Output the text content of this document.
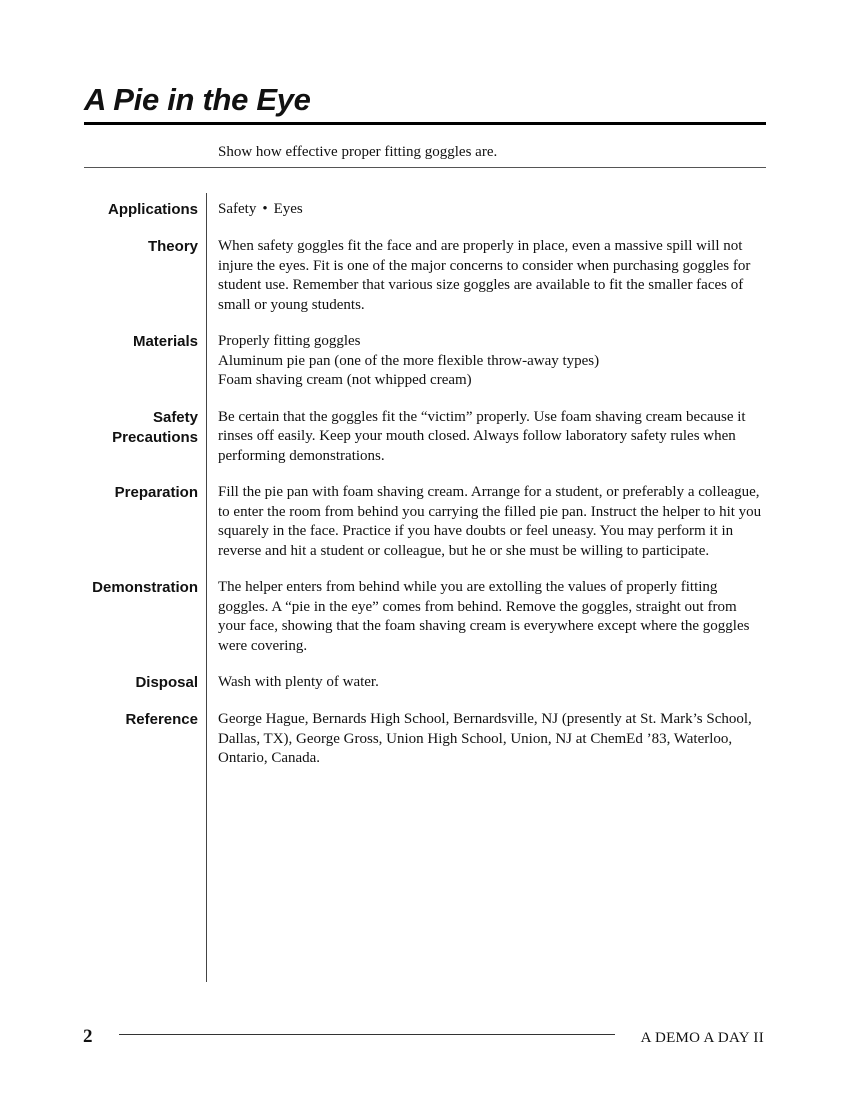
A Pie in the Eye
Show how effective proper fitting goggles are.
Applications Safety • Eyes
Theory When safety goggles fit the face and are properly in place, even a massive spill will not injure the eyes. Fit is one of the major concerns to consider when purchasing goggles for student use. Remember that various size goggles are available to fit the smaller faces of small or young students.

Materials Properly fitting goggles

Aluminum pie pan (one of the more flexible throw-away types)

Foam shaving cream (not whipped cream)

Safety
Precautions

Be certain that the goggles fit the “victim” properly. Use foam shaving cream because it rinses off easily. Keep your mouth closed. Always follow laboratory safety rules when performing demonstrations.

Preparation Fill the pie pan with foam shaving cream. Arrange for a student, or preferably a colleague, to enter the room from behind you carrying the filled pie pan. Instruct the helper to hit you squarely in the face. Practice if you have doubts or feel uneasy. You may perform it in reverse and hit a student or colleague, but he or she must be willing to participate.

Demonstration The helper enters from behind while you are extolling the values of properly fitting goggles. A “pie in the eye” comes from behind. Remove the goggles, straight out from your face, showing that the foam shaving cream is everywhere except where the goggles were covering.

Disposal Wash with plenty of water.

Reference George Hague, Bernards High School, Bernardsville, NJ (presently at St. Mark’s School, Dallas, TX), George Gross, Union High School, Union, NJ at ChemEd ’83, Waterloo, Ontario, Canada.

2	A DEMO A DAY II
